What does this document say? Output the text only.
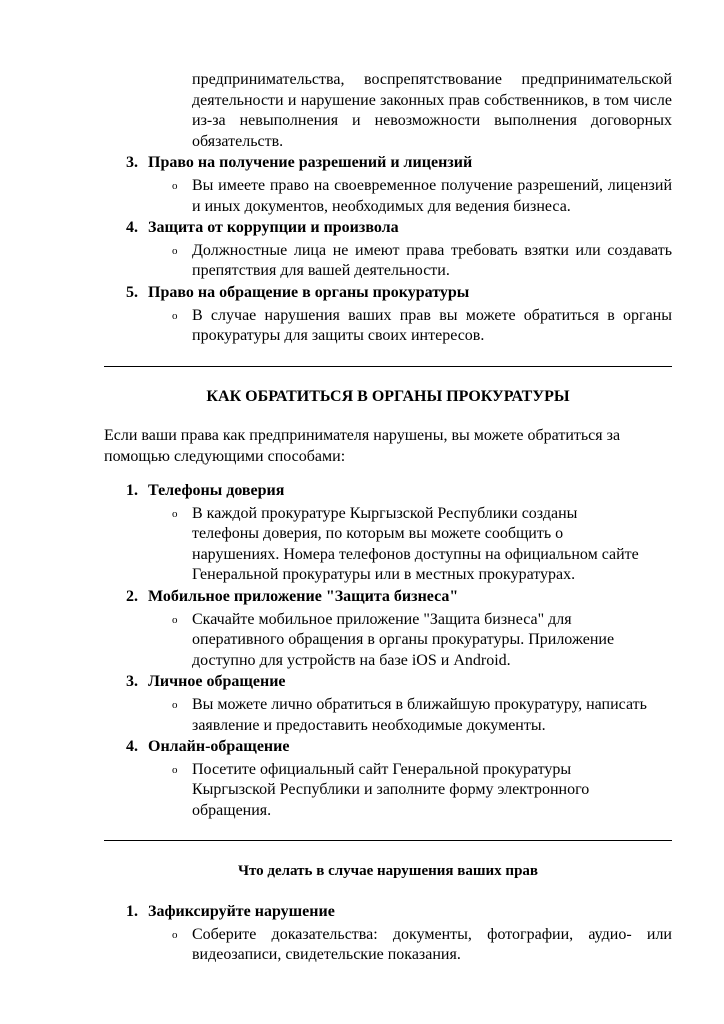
предпринимательства, воспрепятствование предпринимательской деятельности и нарушение законных прав собственников, в том числе из-за невыполнения и невозможности выполнения договорных обязательств.
3. Право на получение разрешений и лицензий
o Вы имеете право на своевременное получение разрешений, лицензий и иных документов, необходимых для ведения бизнеса.
4. Защита от коррупции и произвола
o Должностные лица не имеют права требовать взятки или создавать препятствия для вашей деятельности.
5. Право на обращение в органы прокуратуры
o В случае нарушения ваших прав вы можете обратиться в органы прокуратуры для защиты своих интересов.
КАК ОБРАТИТЬСЯ В ОРГАНЫ ПРОКУРАТУРЫ
Если ваши права как предпринимателя нарушены, вы можете обратиться за помощью следующими способами:
1. Телефоны доверия
o В каждой прокуратуре Кыргызской Республики созданы телефоны доверия, по которым вы можете сообщить о нарушениях. Номера телефонов доступны на официальном сайте Генеральной прокуратуры или в местных прокуратурах.
2. Мобильное приложение "Защита бизнеса"
o Скачайте мобильное приложение "Защита бизнеса" для оперативного обращения в органы прокуратуры. Приложение доступно для устройств на базе iOS и Android.
3. Личное обращение
o Вы можете лично обратиться в ближайшую прокуратуру, написать заявление и предоставить необходимые документы.
4. Онлайн-обращение
o Посетите официальный сайт Генеральной прокуратуры Кыргызской Республики и заполните форму электронного обращения.
Что делать в случае нарушения ваших прав
1. Зафиксируйте нарушение
o Соберите доказательства: документы, фотографии, аудио- или видеозаписи, свидетельские показания.
